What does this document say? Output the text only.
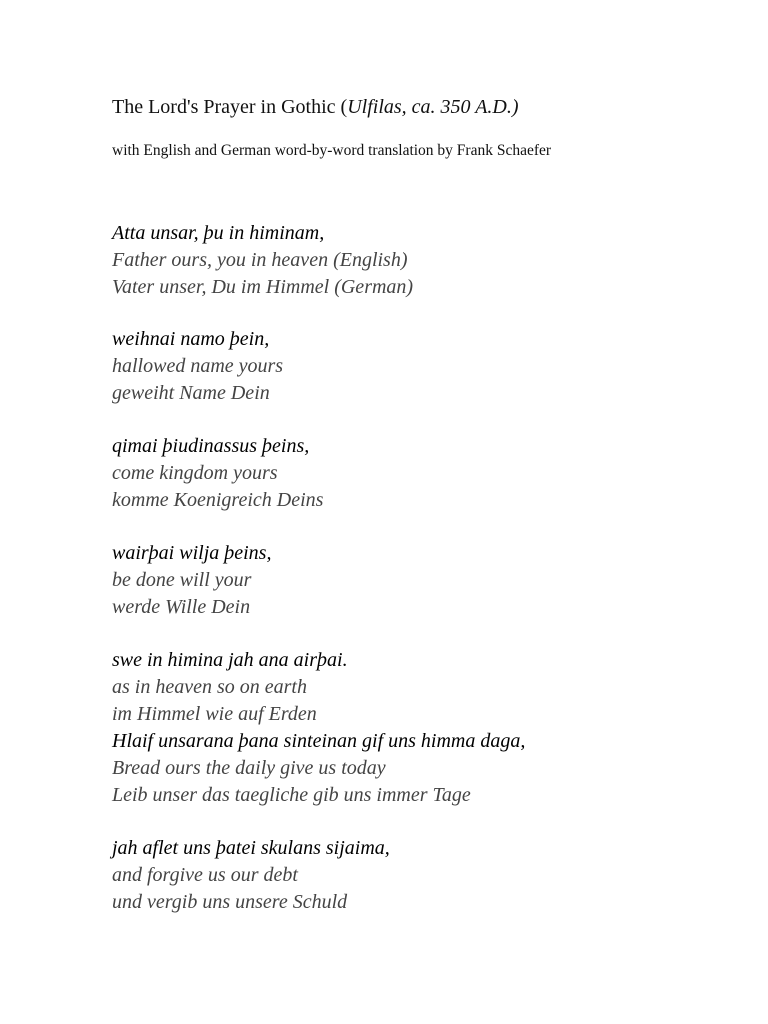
The Lord's Prayer in Gothic (Ulfilas, ca. 350 A.D.)
with English and German word-by-word translation by Frank Schaefer
Atta unsar, þu in himinam,
Father ours, you in heaven (English)
Vater unser, Du im Himmel (German)
weihnai namo þein,
hallowed name yours
geweiht Name Dein
qimai þiudinassus þeins,
come kingdom yours
komme Koenigreich Deins
wairþai wilja þeins,
be done will your
werde Wille Dein
swe in himina jah ana airþai.
as in heaven so on earth
im Himmel wie auf Erden
Hlaif unsarana þana sinteinan gif uns himma daga,
Bread ours the daily give us today
Leib unser das taegliche gib uns immer Tage
jah aflet uns þatei skulans sijaima,
and forgive us our debt
und vergib uns unsere Schuld
